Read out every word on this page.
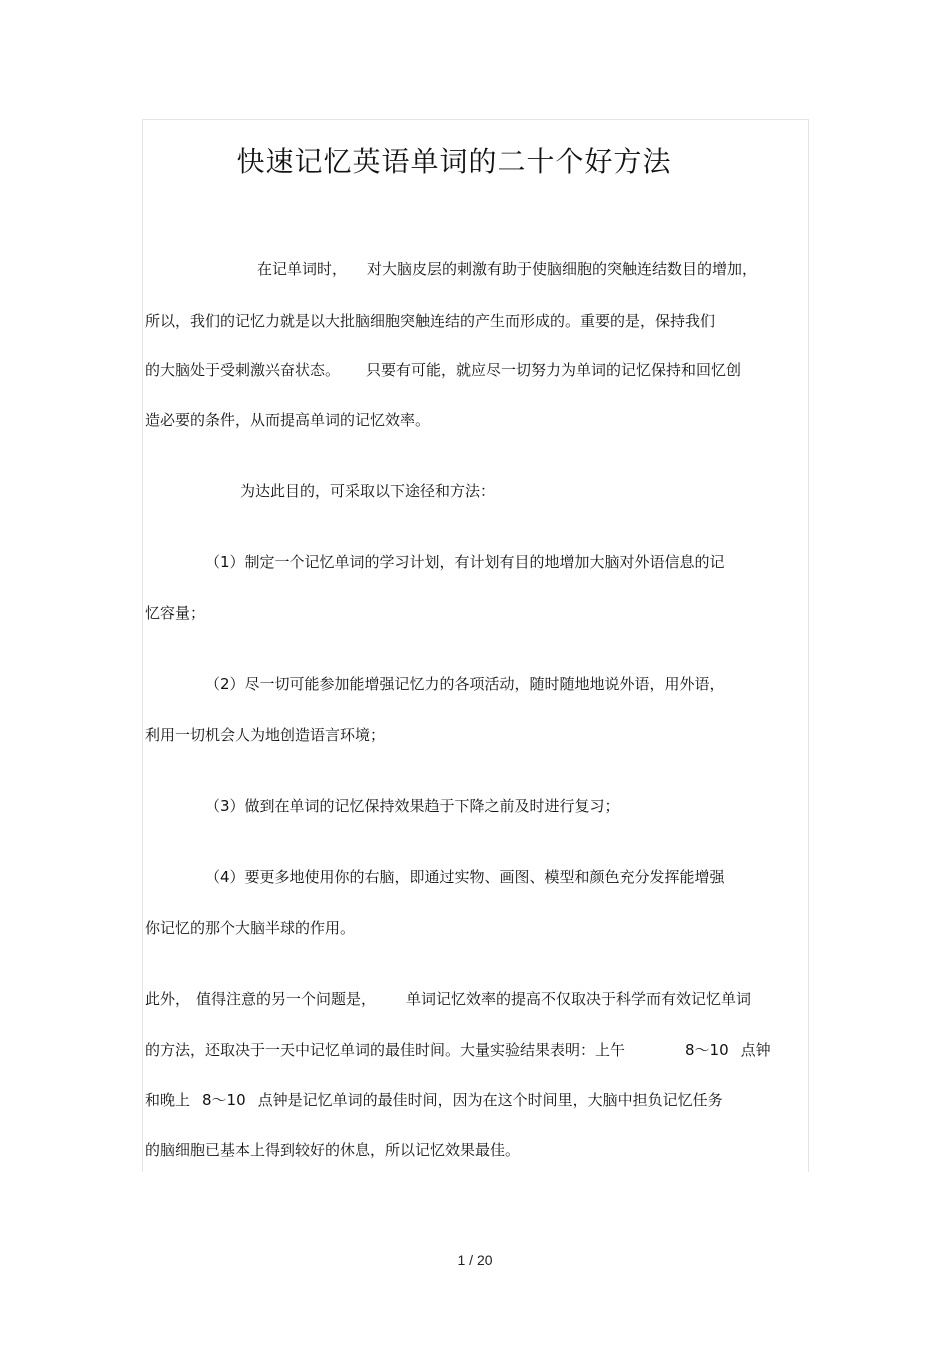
快速记忆英语单词的二十个好方法
在记单词时， 对大脑皮层的刺激有助于使脑细胞的突触连结数目的增加，
所以，我们的记忆力就是以大批脑细胞突触连结的产生而形成的。重要的是，保持我们
的大脑处于受刺激兴奋状态。 只要有可能，就应尽一切努力为单词的记忆保持和回忆创
造必要的条件，从而提高单词的记忆效率。
为达此目的，可采取以下途径和方法：
（1）制定一个记忆单词的学习计划，有计划有目的地增加大脑对外语信息的记
忆容量；
（2）尽一切可能参加能增强记忆力的各项活动，随时随地地说外语，用外语，
利用一切机会人为地创造语言环境；
（3）做到在单词的记忆保持效果趋于下降之前及时进行复习；
（4）要更多地使用你的右脑，即通过实物、画图、模型和颜色充分发挥能增强
你记忆的那个大脑半球的作用。
此外， 值得注意的另一个问题是， 单词记忆效率的提高不仅取决于科学而有效记忆单词
的方法，还取决于一天中记忆单词的最佳时间。大量实验结果表明：上午	8～10 点钟
和晚上 8～10 点钟是记忆单词的最佳时间，因为在这个时间里，大脑中担负记忆任务
的脑细胞已基本上得到较好的休息，所以记忆效果最佳。
1 / 20
